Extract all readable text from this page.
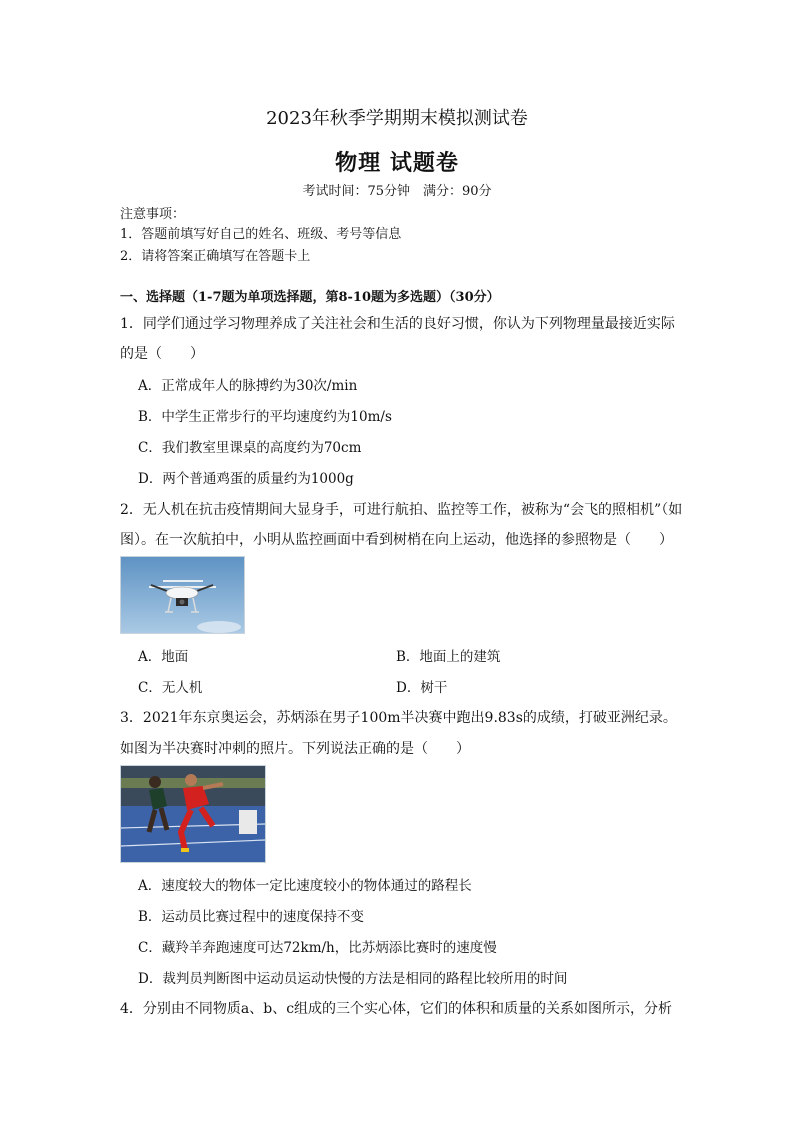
2023年秋季学期期末模拟测试卷
物理 试题卷
考试时间：75分钟　满分：90分
注意事项：
1．答题前填写好自己的姓名、班级、考号等信息
2．请将答案正确填写在答题卡上
一、选择题（1-7题为单项选择题，第8-10题为多选题）（30分）
1．同学们通过学习物理养成了关注社会和生活的良好习惯，你认为下列物理量最接近实际
的是（　　）
A．正常成年人的脉搏约为30次/min
B．中学生正常步行的平均速度约为10m/s
C．我们教室里课桌的高度约为70cm
D．两个普通鸡蛋的质量约为1000g
2．无人机在抗击疫情期间大显身手，可进行航拍、监控等工作，被称为“会飞的照相机”（如
图）。在一次航拍中，小明从监控画面中看到树梢在向上运动，他选择的参照物是（　　）
A．地面	B．地面上的建筑
C．无人机	D．树干
3．2021年东京奥运会，苏炳添在男子100m半决赛中跑出9.83s的成绩，打破亚洲纪录。
如图为半决赛时冲刺的照片。下列说法正确的是（　　）
A．速度较大的物体一定比速度较小的物体通过的路程长
B．运动员比赛过程中的速度保持不变
C．藏羚羊奔跑速度可达72km/h，比苏炳添比赛时的速度慢
D．裁判员判断图中运动员运动快慢的方法是相同的路程比较所用的时间
4．分别由不同物质a、b、c组成的三个实心体，它们的体积和质量的关系如图所示，分析
